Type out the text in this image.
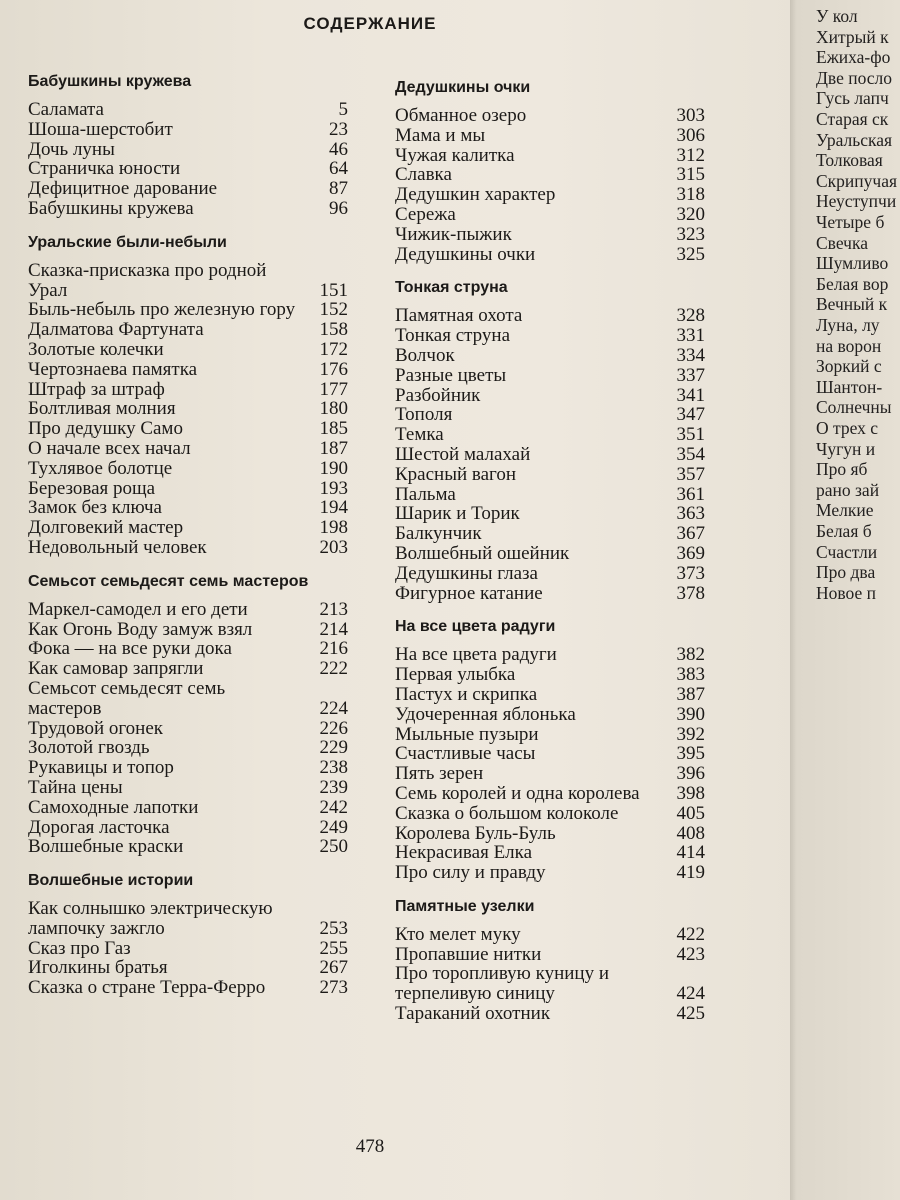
СОДЕРЖАНИЕ
Бабушкины кружева
Саламата	5
Шоша-шерстобит	23
Дочь луны	46
Страничка юности	64
Дефицитное дарование	87
Бабушкины кружева	96
Уральские были-небыли
Сказка-присказка про родной Урал	151
Быль-небыль про железную гору	152
Далматова Фартуната	158
Золотые колечки	172
Чертознаева памятка	176
Штраф за штраф	177
Болтливая молния	180
Про дедушку Само	185
О начале всех начал	187
Тухлявое болотце	190
Березовая роща	193
Замок без ключа	194
Долговекий мастер	198
Недовольный человек	203
Семьсот семьдесят семь мастеров
Маркел-самодел и его дети	213
Как Огонь Воду замуж взял	214
Фока — на все руки дока	216
Как самовар запрягли	222
Семьсот семьдесят семь мастеров	224
Трудовой огонек	226
Золотой гвоздь	229
Рукавицы и топор	238
Тайна цены	239
Самоходные лапотки	242
Дорогая ласточка	249
Волшебные краски	250
Волшебные истории
Как солнышко электрическую лампочку зажгло	253
Сказ про Газ	255
Иголкины братья	267
Сказка о стране Терра-Ферро	273
Дедушкины очки
Обманное озеро	303
Мама и мы	306
Чужая калитка	312
Славка	315
Дедушкин характер	318
Сережа	320
Чижик-пыжик	323
Дедушкины очки	325
Тонкая струна
Памятная охота	328
Тонкая струна	331
Волчок	334
Разные цветы	337
Разбойник	341
Тополя	347
Темка	351
Шестой малахай	354
Красный вагон	357
Пальма	361
Шарик и Торик	363
Балкунчик	367
Волшебный ошейник	369
Дедушкины глаза	373
Фигурное катание	378
На все цвета радуги
На все цвета радуги	382
Первая улыбка	383
Пастух и скрипка	387
Удочеренная яблонька	390
Мыльные пузыри	392
Счастливые часы	395
Пять зерен	396
Семь королей и одна королева	398
Сказка о большом колоколе	405
Королева Буль-Буль	408
Некрасивая Елка	414
Про силу и правду	419
Памятные узелки
Кто мелет муку	422
Пропавшие нитки	423
Про торопливую куницу и терпеливую синицу	424
Тараканий охотник	425
478
У кол
Хитрый к
Ежиха-фо
Две посло
Гусь лапч
Старая ск
Уральская
Толковая
Скрипучая
Неуступчи
Четыре б
Свечка
Шумливо
Белая вор
Вечный к
Луна, лу
на ворон
Зоркий с
Шантон-
Солнечны
О трех с
Чугун и
Про яб
рано зай
Мелкие
Белая б
Счастли
Про два
Новое п
